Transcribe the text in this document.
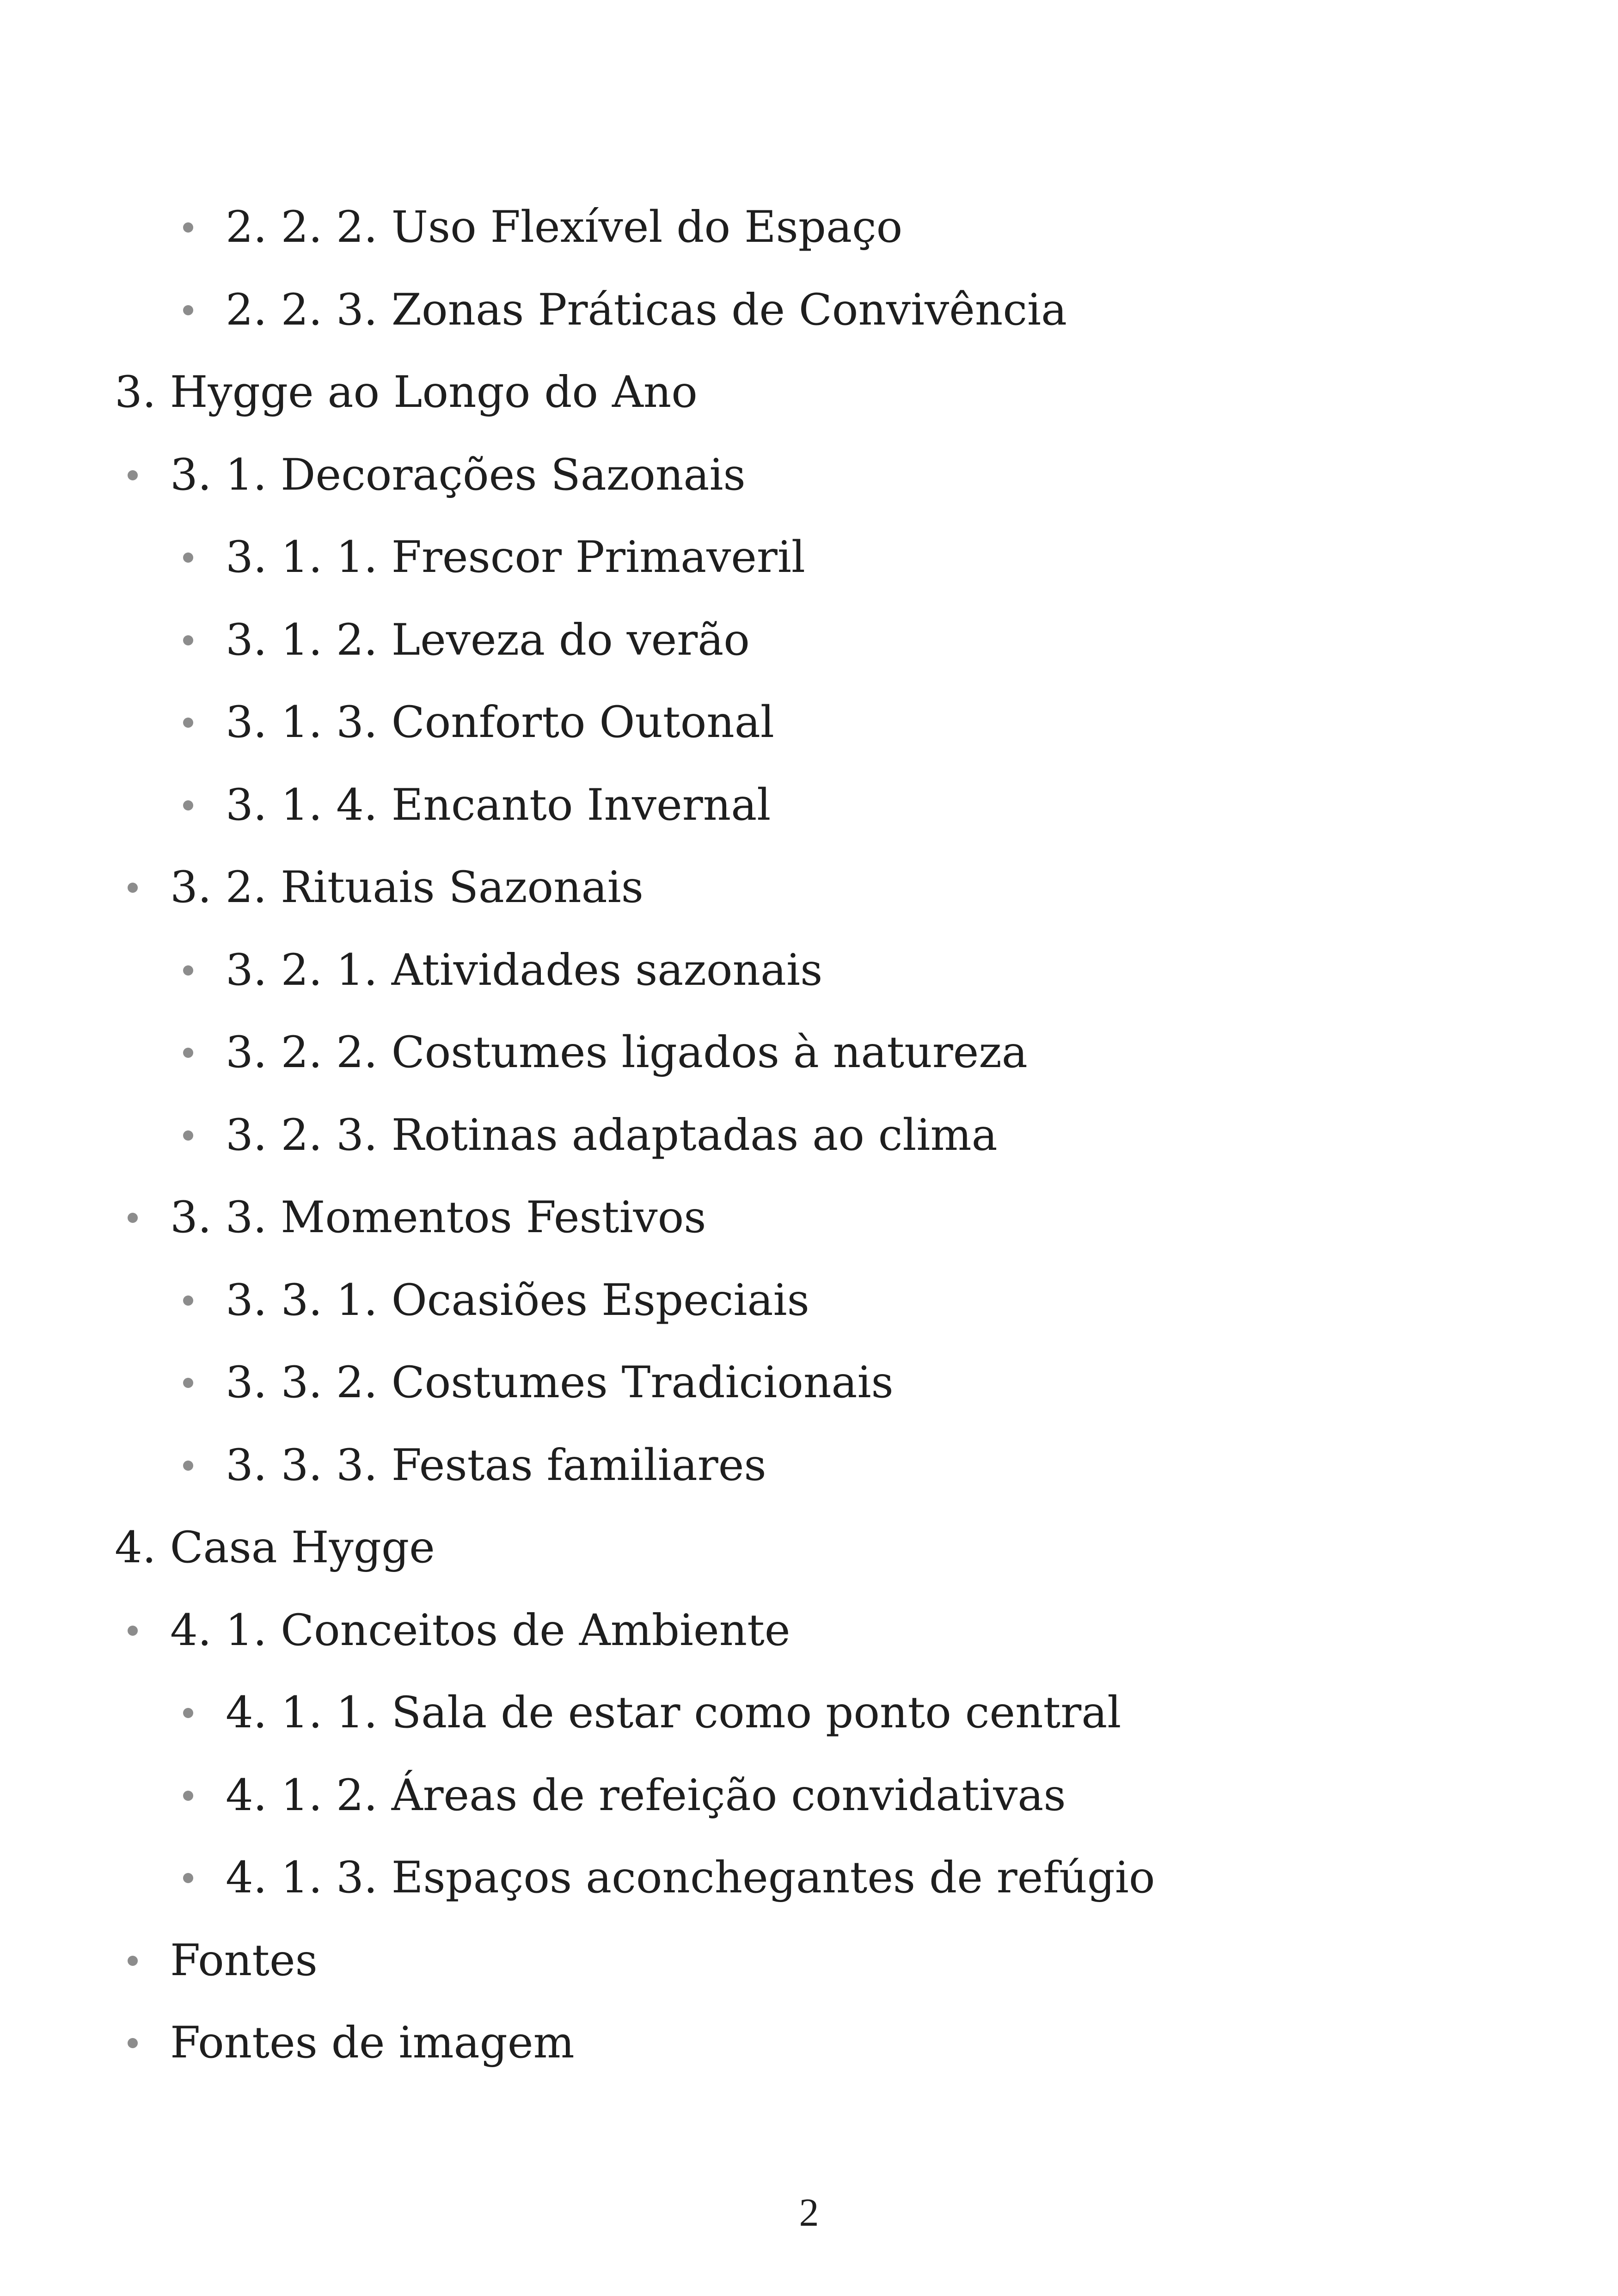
2. 2. 2. Uso Flexível do Espaço
2. 2. 3. Zonas Práticas de Convivência
3. Hygge ao Longo do Ano
3. 1. Decorações Sazonais
3. 1. 1. Frescor Primaveril
3. 1. 2. Leveza do verão
3. 1. 3. Conforto Outonal
3. 1. 4. Encanto Invernal
3. 2. Rituais Sazonais
3. 2. 1. Atividades sazonais
3. 2. 2. Costumes ligados à natureza
3. 2. 3. Rotinas adaptadas ao clima
3. 3. Momentos Festivos
3. 3. 1. Ocasiões Especiais
3. 3. 2. Costumes Tradicionais
3. 3. 3. Festas familiares
4. Casa Hygge
4. 1. Conceitos de Ambiente
4. 1. 1. Sala de estar como ponto central
4. 1. 2. Áreas de refeição convidativas
4. 1. 3. Espaços aconchegantes de refúgio
Fontes
Fontes de imagem
2
